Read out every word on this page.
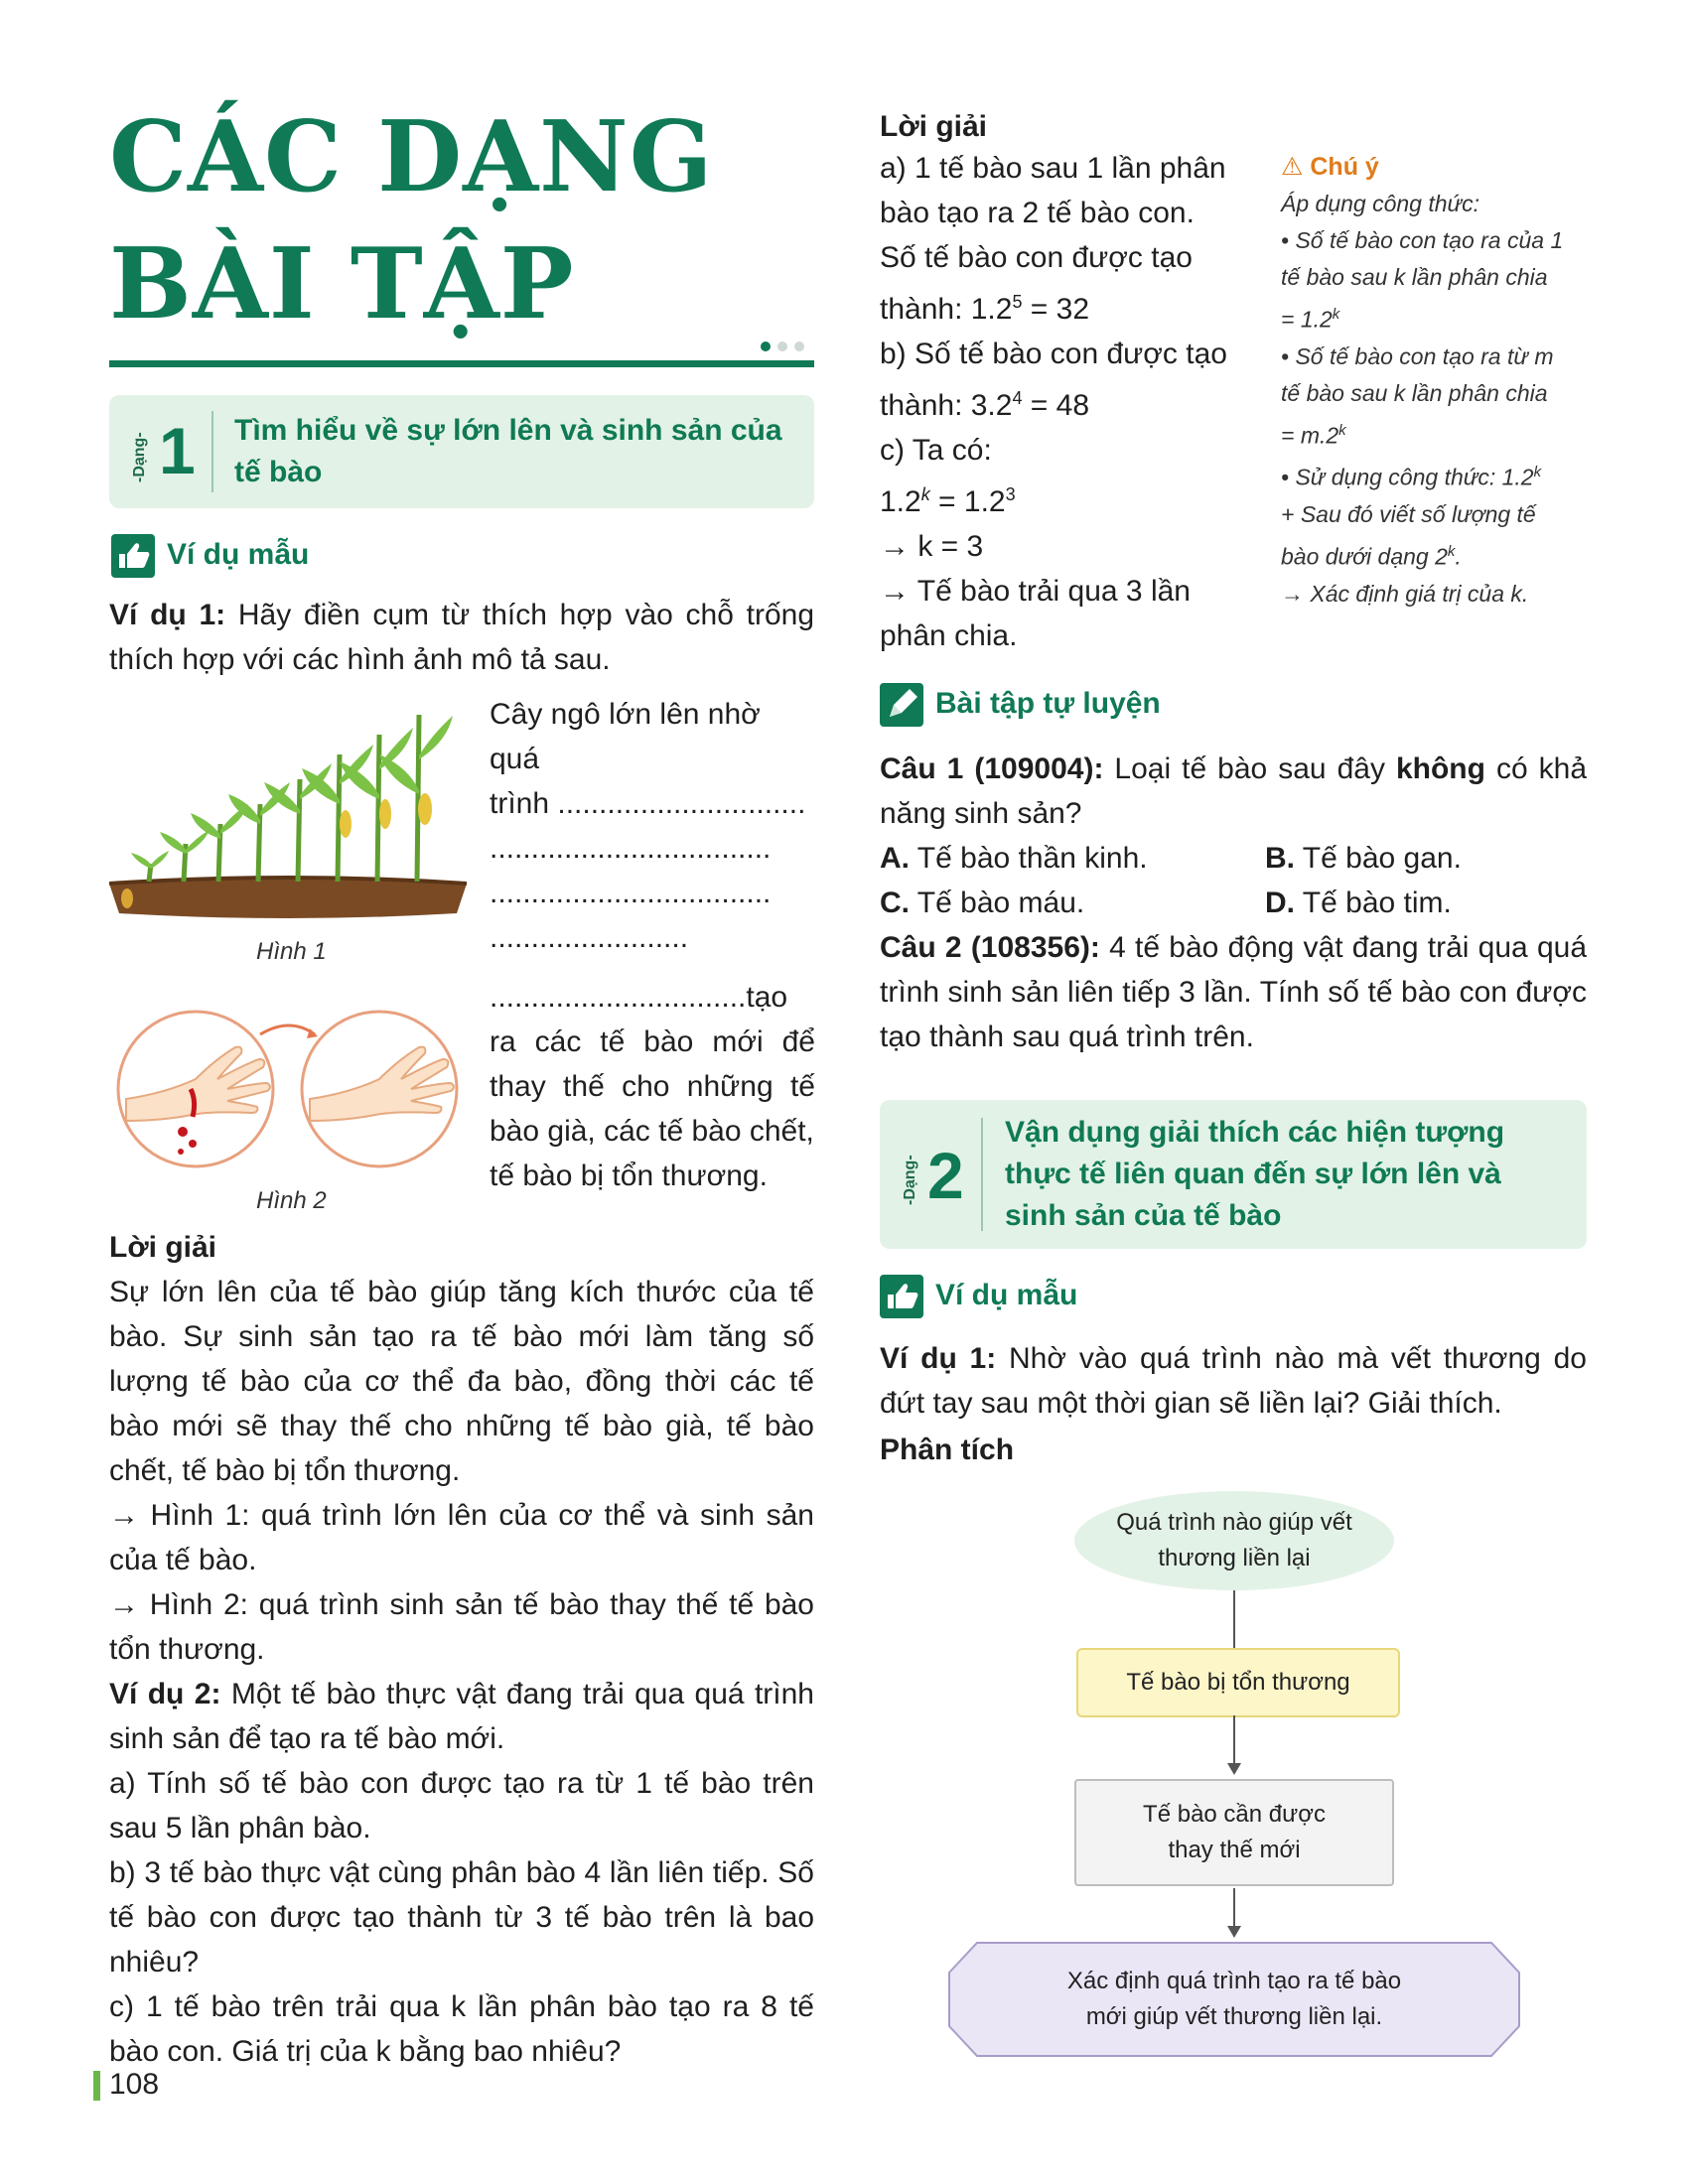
CÁC DẠNG
BÀI TẬP
-Dạng- 1 Tìm hiểu về sự lớn lên và sinh sản của
tế bào
Ví dụ mẫu
Ví dụ 1: Hãy điền cụm từ thích hợp vào chỗ trống thích hợp với các hình ảnh mô tả sau.
Hình 1
Cây ngô lớn lên nhờ quá
trình ..............................
..................................
..................................
........................
Hình 2
...............................tạo
ra các tế bào mới để
thay thế cho những tế
bào già, các tế bào chết,
tế bào bị tổn thương.
Lời giải
Sự lớn lên của tế bào giúp tăng kích thước của tế bào. Sự sinh sản tạo ra tế bào mới làm tăng số lượng tế bào của cơ thể đa bào, đồng thời các tế bào mới sẽ thay thế cho những tế bào già, tế bào chết, tế bào bị tổn thương.
→ Hình 1: quá trình lớn lên của cơ thể và sinh sản của tế bào.
→ Hình 2: quá trình sinh sản tế bào thay thế tế bào tổn thương.
Ví dụ 2: Một tế bào thực vật đang trải qua quá trình sinh sản để tạo ra tế bào mới.
a) Tính số tế bào con được tạo ra từ 1 tế bào trên sau 5 lần phân bào.
b) 3 tế bào thực vật cùng phân bào 4 lần liên tiếp. Số tế bào con được tạo thành từ 3 tế bào trên là bao nhiêu?
c) 1 tế bào trên trải qua k lần phân bào tạo ra 8 tế bào con. Giá trị của k bằng bao nhiêu?
Lời giải
a) 1 tế bào sau 1 lần phân
bào tạo ra 2 tế bào con.
Số tế bào con được tạo
thành: $1.2^5 = 32$
b) Số tế bào con được tạo
thành: $3.2^4 = 48$
c) Ta có:
$1.2^k = 1.2^3$
→ k = 3
→ Tế bào trải qua 3 lần
phân chia.
⚠ Chú ý
Áp dụng công thức:
• Số tế bào con tạo ra của 1
tế bào sau k lần phân chia
= $1.2^k$
• Số tế bào con tạo ra từ m
tế bào sau k lần phân chia
= $m.2^k$
• Sử dụng công thức: $1.2^k$
+ Sau đó viết số lượng tế
bào dưới dạng $2^k$.
→ Xác định giá trị của k.
Bài tập tự luyện
Câu 1 (109004): Loại tế bào sau đây không có khả năng sinh sản?
A. Tế bào thần kinh.	B. Tế bào gan.
C. Tế bào máu.	D. Tế bào tim.
Câu 2 (108356): 4 tế bào động vật đang trải qua quá trình sinh sản liên tiếp 3 lần. Tính số tế bào con được tạo thành sau quá trình trên.
-Dạng- 2
Vận dụng giải thích các hiện tượng
thực tế liên quan đến sự lớn lên và
sinh sản của tế bào
Ví dụ mẫu
Ví dụ 1: Nhờ vào quá trình nào mà vết thương do đứt tay sau một thời gian sẽ liền lại? Giải thích.
Phân tích
Quá trình nào giúp vết thương liền lại
Tế bào bị tổn thương
Tế bào cần được thay thế mới
Xác định quá trình tạo ra tế bào mới giúp vết thương liền lại.
108
